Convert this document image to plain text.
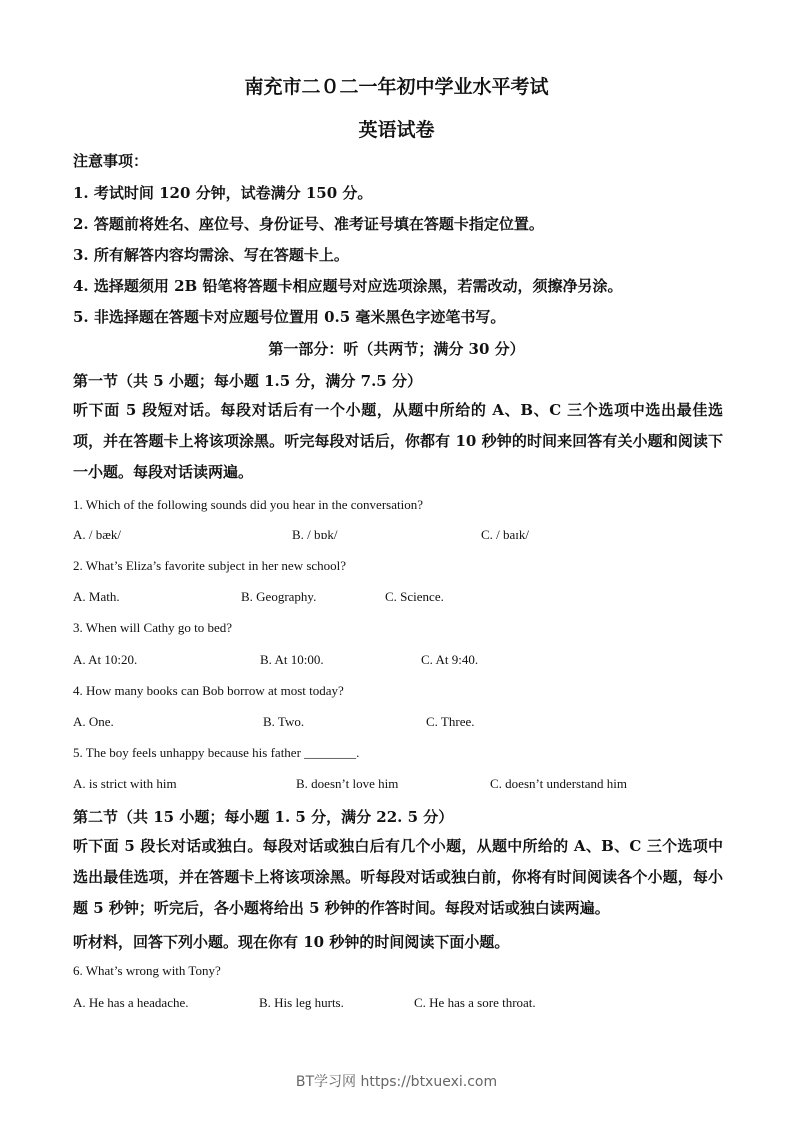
南充市二０二一年初中学业水平考试
英语试卷
注意事项：
1. 考试时间 120 分钟，试卷满分 150 分。
2. 答题前将姓名、座位号、身份证号、准考证号填在答题卡指定位置。
3. 所有解答内容均需涂、写在答题卡上。
4. 选择题须用 2B 铅笔将答题卡相应题号对应选项涂黑，若需改动，须擦净另涂。
5. 非选择题在答题卡对应题号位置用 0.5 毫米黑色字迹笔书写。
第一部分：听（共两节；满分 30 分）
第一节（共 5 小题；每小题 1.5 分，满分 7.5 分）
听下面 5 段短对话。每段对话后有一个小题，从题中所给的 A、B、C 三个选项中选出最佳选项，并在答题卡上将该项涂黑。听完每段对话后，你都有 10 秒钟的时间来回答有关小题和阅读下一小题。每段对话读两遍。
1. Which of the following sounds did you hear in the conversation?
A. / bæk/	B. / bɒk/	C. / baɪk/
2. What’s Eliza’s favorite subject in her new school?
A. Math.	B. Geography.	C. Science.
3. When will Cathy go to bed?
A. At 10:20.	B. At 10:00.	C. At 9:40.
4. How many books can Bob borrow at most today?
A. One.	B. Two.	C. Three.
5. The boy feels unhappy because his father ________.
A. is strict with him	B. doesn’t love him	C. doesn’t understand him
第二节（共 15 小题；每小题 1. 5 分，满分 22. 5 分）
听下面 5 段长对话或独白。每段对话或独白后有几个小题，从题中所给的 A、B、C 三个选项中选出最佳选项，并在答题卡上将该项涂黑。听每段对话或独白前，你将有时间阅读各个小题，每小题 5 秒钟；听完后，各小题将给出 5 秒钟的作答时间。每段对话或独白读两遍。
听材料，回答下列小题。现在你有 10 秒钟的时间阅读下面小题。
6. What’s wrong with Tony?
A. He has a headache.	B. His leg hurts.	C. He has a sore throat.
BT学习网 https://btxuexi.com
